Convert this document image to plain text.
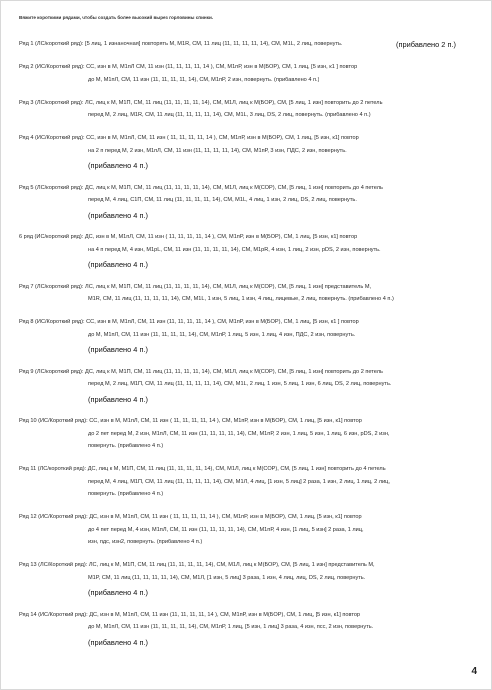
Вяжите короткими рядами, чтобы создать более высокий вырез горловины спинки.
Ряд 1 (ЛС/короткий ряд): [5 лиц, 1 изнаночная] повторять М, М1R, СМ, 11 лиц (11, 11, 11, 11, 14), СМ, M1L, 2 лиц, повернуть.	(прибавлено 2 п.)
Ряд 2 (ИС/Короткий ряд): СС, изн в М, M1пЛ СМ, 11 изн (11, 11, 11, 11, 14 ), СМ, M1пР, изн в М(БОР), СМ, 1 лиц, [5 изн, к1 ] повтор
до М, M1пЛ, СМ, 11 изн (11, 11, 11, 11, 14), СМ, M1пР, 2 изн, повернуть. (прибавлено 4 п.)
Ряд 3 (ЛС/короткий ряд): ЛС, лиц к М, M1П, СМ, 11 лиц (11, 11, 11, 11, 14), СМ, M1Л, лиц к М(БОР), СМ, [5 лиц, 1 изн] повторить до 2 петель
перед М, 2 лиц, M1R, СМ, 11 лиц (11, 11, 11, 11, 14), СМ, M1L, 3 лиц, DS, 2 лиц, повернуть. (прибавлено 4 п.)
Ряд 4 (ИС/Короткий ряд): СС, изн в М, M1пЛ, СМ, 11 изн ( 11, 11, 11, 11, 14 ), СМ, M1пР, изн в М(БОР), СМ, 1 лиц, [5 изн, к1] повтор
на 2 п перед М, 2 изн, M1пЛ, СМ, 11 изн (11, 11, 11, 11, 14), СМ, M1пР, 3 изн, ПДС, 2 изн, повернуть.
(прибавлено 4 п.)
Ряд 5 (ЛС/короткий ряд): ДС, лиц к М, M1П, СМ, 11 лиц (11, 11, 11, 11, 14), СМ, M1Л, лиц к М(СОР), СМ, [5 лиц, 1 изн] повторить до 4 петель
перед М, 4 лиц, C1П, СМ, 11 лиц (11, 11, 11, 11, 14), СМ, M1L, 4 лиц, 1 изн, 2 лиц, DS, 2 лиц, повернуть.
(прибавлено 4 п.)
6 ряд (ИС/короткий ряд): ДС, изн в М, M1пЛ, СМ, 11 изн ( 11, 11, 11, 11, 14 ), СМ, M1пР, изн в М(БОР), СМ, 1 лиц, [5 изн, к1] повтор
на 4 п перед М, 4 изн, M1pL, СМ, 11 изн (11, 11, 11, 11, 14), СМ, M1pR, 4 изн, 1 лиц, 2 изн, pDS, 2 изн, повернуть.
(прибавлено 4 п.)
Ряд 7 (ЛС/короткий ряд): ЛС, лиц к М, M1П, СМ, 11 лиц (11, 11, 11, 11, 14), СМ, M1Л, лиц к М(СОР), СМ, [5 лиц, 1 изн] представитель М,
M1R, СМ, 11 лиц (11, 11, 11, 11, 14), СМ, M1L, 1 изн, 5 лиц, 1 изн, 4 лиц, лицевые, 2 лиц, повернуть. (прибавлено 4 п.)
Ряд 8 (ИС/Короткий ряд): СС, изн в М, M1пЛ, СМ, 11 изн (11, 11, 11, 11, 14 ), СМ, M1пР, изн в М(БОР), СМ, 1 лиц, [5 изн, к1 ] повтор
до М, M1пЛ, СМ, 11 изн (11, 11, 11, 11, 14), СМ, M1пР, 1 лиц, 5 изн, 1 лиц, 4 изн, ПДС, 2 изн, повернуть.
(прибавлено 4 п.)
Ряд 9 (ЛС/короткий ряд): ДС, лиц к М, M1П, СМ, 11 лиц (11, 11, 11, 11, 14), СМ, M1Л, лиц к М(СОР), СМ, [5 лиц, 1 изн] повторить до 2 петель
перед М, 2 лиц, M1П, СМ, 11 лиц (11, 11, 11, 11, 14), СМ, M1L, 2 лиц, 1 изн, 5 лиц, 1 изн, 6 лиц, DS, 2 лиц, повернуть.
(прибавлено 4 п.)
Ряд 10 (ИС/Короткий ряд): СС, изн в М, M1пЛ, СМ, 11 изн ( 11, 11, 11, 11, 14 ), СМ, M1пР, изн в М(БОР), СМ, 1 лиц, [5 изн, к1] повтор
до 2 пет перед М, 2 изн, M1пЛ, СМ, 11 изн (11, 11, 11, 11, 14), СМ, M1пР, 2 изн, 1 лиц, 5 изн, 1 лиц, 6 изн, pDS, 2 изн,
повернуть. (прибавлено 4 п.)
Ряд 11 (ЛС/короткий ряд): ДС, лиц к М, M1П, СМ, 11 лиц (11, 11, 11, 11, 14), СМ, M1Л, лиц к М(СОР), СМ, [5 лиц, 1 изн] повторить до 4 петель
перед М, 4 лиц, M1П, СМ, 11 лиц (11, 11, 11, 11, 14), СМ, M1Л, 4 лиц, [1 изн, 5 лиц] 2 раза, 1 изн, 2 лиц, 1 лиц, 2 лиц,
повернуть. (прибавлено 4 п.)
Ряд 12 (ИС/Короткий ряд): ДС, изн в М, M1пЛ, СМ, 11 изн ( 11, 11, 11, 11, 14 ), СМ, M1пР, изн в М(БОР), СМ, 1 лиц, [5 изн, к1] повтор
до 4 пет перед М, 4 изн, M1пЛ, СМ, 11 изн (11, 11, 11, 11, 14), СМ, M1пР, 4 изн, [1 лиц, 5 изн] 2 раза, 1 лиц,
изн, пдс, изн2, повернуть. (прибавлено 4 п.)
Ряд 13 (ЛС/Короткий ряд): ЛС, лиц к М, M1П, СМ, 11 лиц (11, 11, 11, 11, 14), СМ, M1Л, лиц к М(БОР), СМ, [5 лиц, 1 изн] представитель М,
M1P, СМ, 11 лиц (11, 11, 11, 11, 14), СМ, M1Л, [1 изн, 5 лиц] 3 раза, 1 изн, 4 лиц, лиц, DS, 2 лиц, повернуть.
(прибавлено 4 п.)
Ряд 14 (ИС/Короткий ряд): ДС, изн в М, M1пЛ, СМ, 11 изн (11, 11, 11, 11, 14 ), СМ, M1пР, изн в М(БОР), СМ, 1 лиц, [5 изн, к1] повтор
до М, M1пЛ, СМ, 11 изн (11, 11, 11, 11, 14), СМ, M1пР, 1 лиц, [5 изн, 1 лиц] 3 раза, 4 изн, псс, 2 изн, повернуть.
(прибавлено 4 п.)
4
